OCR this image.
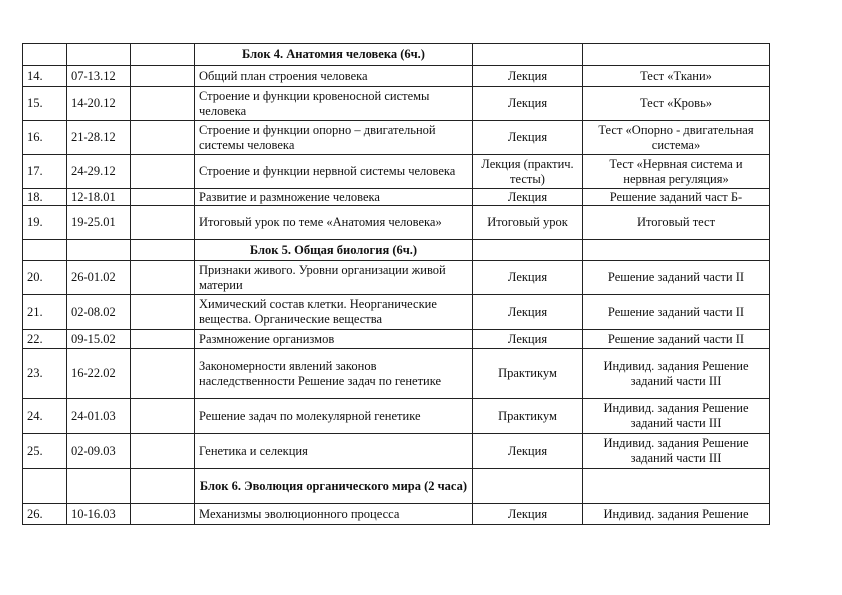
			Блок 4. Анатомия человека (6ч.)		
14.	07-13.12		Общий план строения человека	Лекция	Тест «Ткани»
15.	14-20.12		Строение и функции кровеносной системы человека	Лекция	Тест «Кровь»
16.	21-28.12		Строение и функции опорно – двигательной системы человека	Лекция	Тест «Опорно - двигательная система»
17.	24-29.12		Строение и функции нервной системы человека	Лекция (практич. тесты)	Тест «Нервная система и нервная регуляция»
18.	12-18.01		Развитие и размножение человека	Лекция	Решение заданий част Б-
19.	19-25.01		Итоговый урок по теме «Анатомия человека»	Итоговый урок	Итоговый тест
			Блок 5. Общая биология (6ч.)		
20.	26-01.02		Признаки живого. Уровни организации живой материи	Лекция	Решение заданий части II
21.	02-08.02		Химический состав клетки. Неорганические вещества. Органические вещества	Лекция	Решение заданий части II
22.	09-15.02		Размножение организмов	Лекция	Решение заданий части II
23.	16-22.02		Закономерности явлений законов наследственности Решение задач по генетике	Практикум	Индивид. задания Решение заданий части III
24.	24-01.03		Решение задач по молекулярной генетике	Практикум	Индивид. задания Решение заданий части III
25.	02-09.03		Генетика и селекция	Лекция	Индивид. задания Решение заданий части III
			Блок 6. Эволюция органического мира (2 часа)		
26.	10-16.03		Механизмы эволюционного процесса	Лекция	Индивид. задания Решение
